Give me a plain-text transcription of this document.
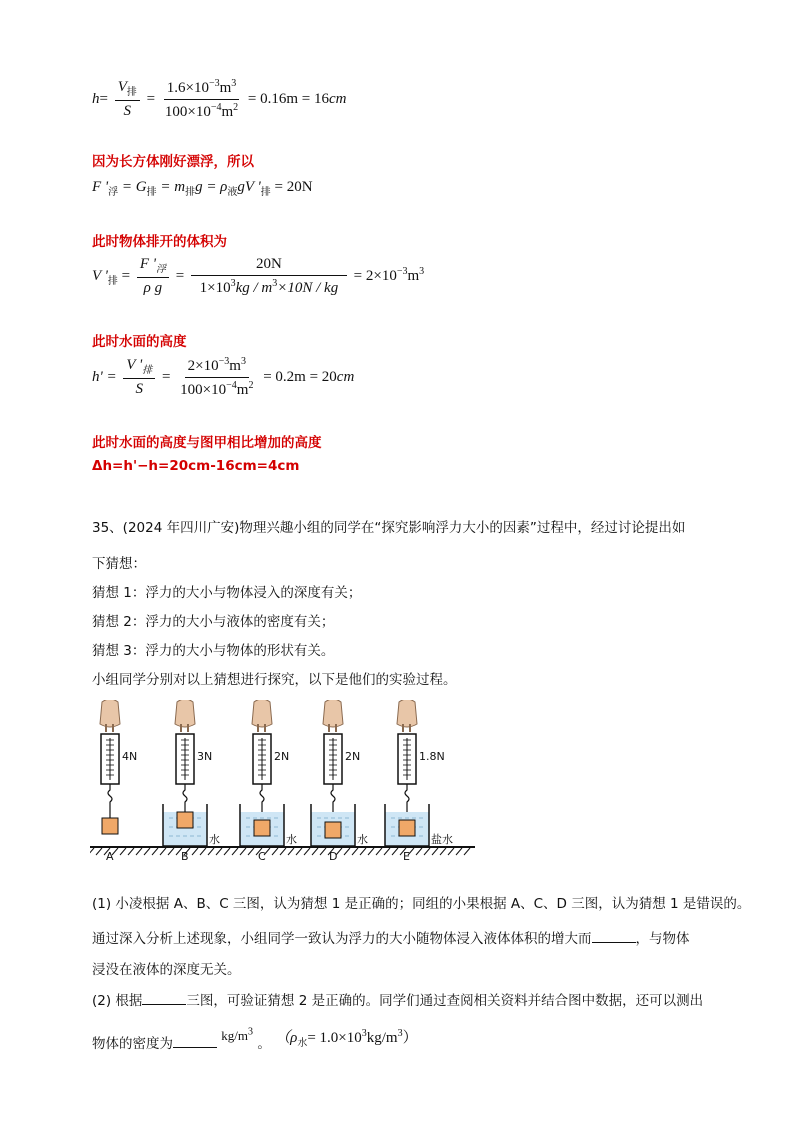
$h= \frac{V_排}{S} = \frac{1.6\times 10^{-3}m^3}{100\times 10^{-4}m^2} = 0.16m = 16cm$
因为长方体刚好漂浮，所以
F '$_浮 = G_排 = m_排g = \rho_液gV$ '$_排 = 20N$
此时物体排开的体积为
V '$_排 = \frac{F '_浮}{\text{ρ g}} = \frac{20N}{1\times 10^3kg / m^3\times 10N / kg} = 2\times 10^{-3}m^3$
此时水面的高度
$h' = \frac{V '_排}{S} = \frac{2\times 10^{-3}m^3}{100\times 10^{-4}m^2} = 0.2m = 20cm$
此时水面的高度与图甲相比增加的高度
Δh=h'−h=20cm-16cm=4cm
35、(2024 年四川广安)物理兴趣小组的同学在“探究影响浮力大小的因素”过程中，经过讨论提出如
下猜想：
猜想 1：浮力的大小与物体浸入的深度有关；
猜想 2：浮力的大小与液体的密度有关；
猜想 3：浮力的大小与物体的形状有关。
小组同学分别对以上猜想进行探究，以下是他们的实验过程。
4N
A
3N
水
B
2N
水
C
2N
水
D
1.8N
盐水
E
(1) 小凌根据 A、B、C 三图，认为猜想 1 是正确的；同组的小果根据 A、C、D 三图，认为猜想 1 是错误的。
通过深入分析上述现象，小组同学一致认为浮力的大小随物体浸入液体体积的增大而	，与物体
浸没在液体的深度无关。
(2) 根据	三图，可验证猜想 2 是正确的。同学们通过查阅相关资料并结合图中数据，还可以测出
物体的密度为 $kg/m^3$ 。 $(\rho_水= 1.0\times 10^3kg/m^3)$
